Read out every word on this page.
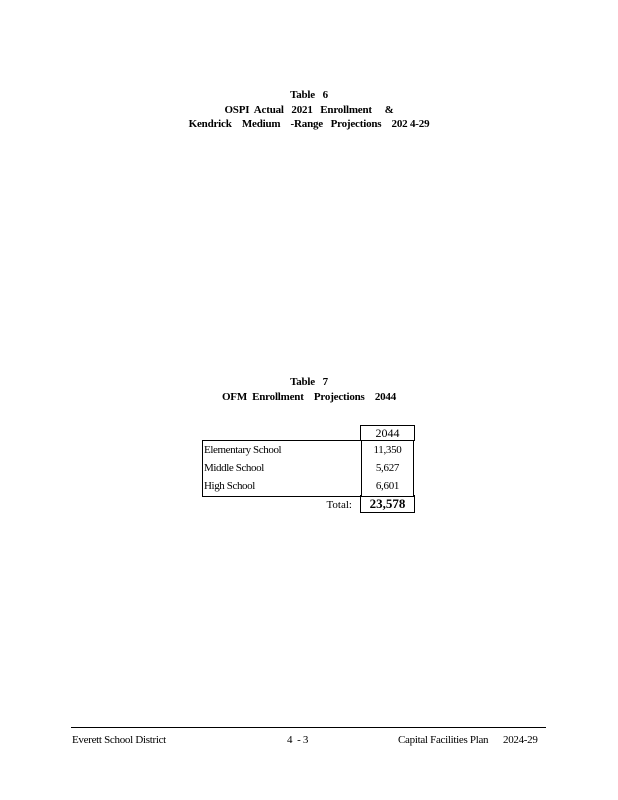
Table   6
OSPI  Actual   2021   Enrollment     &
Kendrick    Medium    -Range   Projections    202 4-29
Table   7
OFM  Enrollment    Projections    2044
2044
Elementary School	11,350
Middle School	5,627
High School	6,601
Total:	23,578
Everett School District	4  - 3	Capital Facilities Plan 2024-29
